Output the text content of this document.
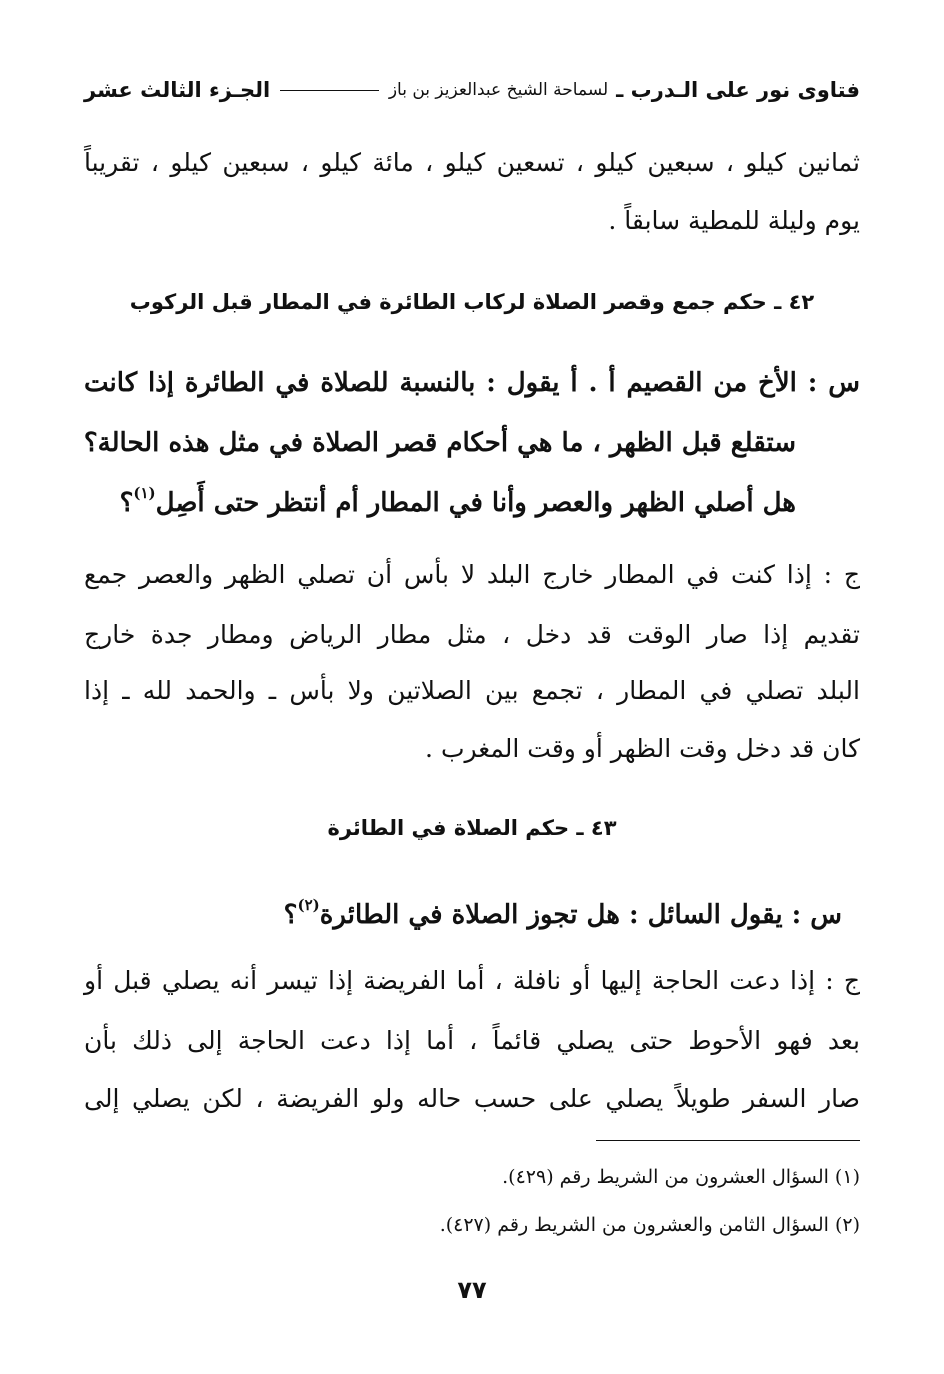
فتاوى نور على الـدرب ـ
لسماحة الشيخ عبدالعزيز بن باز
الجـزء الثالث عشر
ثمانين كيلو ، سبعين كيلو ، تسعين كيلو ، مائة كيلو ، سبعين كيلو ، تقريباً
يوم وليلة للمطية سابقاً .
٤٢ ـ حكم جمع وقصر الصلاة لركاب الطائرة في المطار قبل الركوب
س : الأخ من القصيم أ . أ يقول : بالنسبة للصلاة في الطائرة إذا كانت
ستقلع قبل الظهر ، ما هي أحكام قصر الصلاة في مثل هذه الحالة؟
هل أصلي الظهر والعصر وأنا في المطار أم أنتظر حتى أَصِل$^{(١)}$؟
ج : إذا كنت في المطار خارج البلد لا بأس أن تصلي الظهر والعصر جمع
تقديم إذا صار الوقت قد دخل ، مثل مطار الرياض ومطار جدة خارج
البلد تصلي في المطار ، تجمع بين الصلاتين ولا بأس ـ والحمد لله ـ إذا
كان قد دخل وقت الظهر أو وقت المغرب .
٤٣ ـ حكم الصلاة في الطائرة
س : يقول السائل : هل تجوز الصلاة في الطائرة$^{(٢)}$؟
ج : إذا دعت الحاجة إليها أو نافلة ، أما الفريضة إذا تيسر أنه يصلي قبل أو
بعد فهو الأحوط حتى يصلي قائماً ، أما إذا دعت الحاجة إلى ذلك بأن
صار السفر طويلاً يصلي على حسب حاله ولو الفريضة ، لكن يصلي إلى
(١) السؤال العشرون من الشريط رقم (٤٢٩).
(٢) السؤال الثامن والعشرون من الشريط رقم (٤٢٧).
٧٧
